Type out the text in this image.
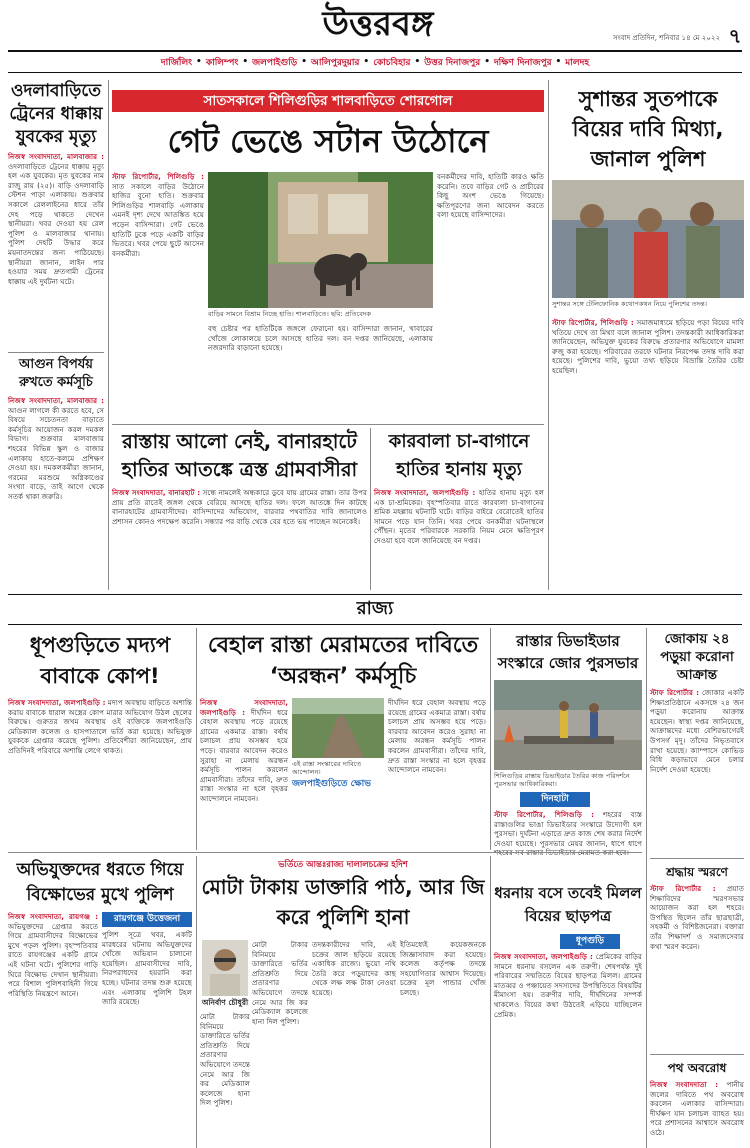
উত্তরবঙ্গ	সংবাদ প্রতিদিন, শনিবার ১৪ মে ২০২২ ৭
দার্জিলিং • কালিম্পং • জলপাইগুড়ি • আলিপুরদুয়ার • কোচবিহার • উত্তর দিনাজপুর • দক্ষিণ দিনাজপুর • মালদহ
ওদলাবাড়িতে ট্রেনের ধাক্কায় যুবকের মৃত্যু
নিজস্ব সংবাদদাতা, মালবাজার : ওদলাবাড়িতে ট্রেনের ধাক্কায় মৃত্যু হল এক যুবকের। মৃত যুবকের নাম রাজু রায় (২৫)। বাড়ি ওদলাবাড়ি স্টেশন পাড়া এলাকায়। শুক্রবার সকালে রেললাইনের ধারে তাঁর দেহ পড়ে থাকতে দেখেন স্থানীয়রা। খবর দেওয়া হয় রেল পুলিশ ও মালবাজার থানায়। পুলিশ দেহটি উদ্ধার করে ময়নাতদন্তের জন্য পাঠিয়েছে। স্থানীয়রা জানান, লাইন পার হওয়ার সময় দ্রুতগামী ট্রেনের ধাক্কায় এই দুর্ঘটনা ঘটে।
আগুন বিপর্যয় রুখতে কর্মসূচি
নিজস্ব সংবাদদাতা, মালবাজার : আগুন লাগলে কী করতে হবে, সে বিষয়ে সচেতনতা বাড়াতে কর্মসূচির আয়োজন করল দমকল বিভাগ। শুক্রবার মালবাজার শহরের বিভিন্ন স্কুল ও বাজার এলাকায় হাতে-কলমে প্রশিক্ষণ দেওয়া হয়। দমকলকর্মীরা জানান, গরমের মরশুমে অগ্নিকাণ্ডের সংখ্যা বাড়ে, তাই আগে থেকে সতর্ক থাকা জরুরি।
সাতসকালে শিলিগুড়ির শালবাড়িতে শোরগোল
গেট ভেঙে সটান উঠোনে
স্টাফ রিপোর্টার, শিলিগুড়ি : সাত সকালে বাড়ির উঠোনে হাজির বুনো হাতি। শুক্রবার শিলিগুড়ির শালবাড়ি এলাকায় এমনই দৃশ্য দেখে আতঙ্কিত হয়ে পড়েন বাসিন্দারা। গেট ভেঙে হাতিটি ঢুকে পড়ে একটি বাড়ির ভিতরে। খবর পেয়ে ছুটে আসেন বনকর্মীরা।
বাড়ির সামনে বিশ্রাম নিচ্ছে হাতি। শালবাড়িতে। ছবি: প্রতিবেদক
বহু চেষ্টার পর হাতিটিকে জঙ্গলে ফেরানো হয়। বাসিন্দারা জানান, খাবারের খোঁজে লোকালয়ে চলে আসছে হাতির দল। বন দপ্তর জানিয়েছে, এলাকায় নজরদারি বাড়ানো হয়েছে।
বনকর্মীদের দাবি, হাতিটি কারও ক্ষতি করেনি। তবে বাড়ির গেট ও প্রাচীরের কিছু অংশ ভেঙে গিয়েছে। ক্ষতিপূরণের জন্য আবেদন করতে বলা হয়েছে বাসিন্দাদের।
সুশান্তর সুতপাকে বিয়ের দাবি মিথ্যা, জানাল পুলিশ
সুশান্তর সঙ্গে টেলিফোনিক কথোপকথন নিয়ে পুলিশের তদন্ত।
স্টাফ রিপোর্টার, শিলিগুড়ি : সমাজমাধ্যমে ছড়িয়ে পড়া বিয়ের দাবি খতিয়ে দেখে তা মিথ্যা বলে জানাল পুলিশ। তদন্তকারী আধিকারিকরা জানিয়েছেন, অভিযুক্ত যুবকের বিরুদ্ধে প্রতারণার অভিযোগে মামলা রুজু করা হয়েছে। পরিবারের তরফে ঘটনার নিরপেক্ষ তদন্ত দাবি করা হয়েছে। পুলিশের দাবি, ভুয়ো তথ্য ছড়িয়ে বিভ্রান্তি তৈরির চেষ্টা হয়েছিল।
রাস্তায় আলো নেই, বানারহাটে হাতির আতঙ্কে ত্রস্ত গ্রামবাসীরা
নিজস্ব সংবাদদাতা, বানারহাট : সন্ধে নামলেই অন্ধকারে ডুবে যায় গ্রামের রাস্তা। তার উপর প্রায় প্রতি রাতেই জঙ্গল থেকে বেরিয়ে আসছে হাতির দল। ফলে আতঙ্কে দিন কাটছে বানারহাটের গ্রামবাসীদের। বাসিন্দাদের অভিযোগ, বারবার পথবাতির দাবি জানালেও প্রশাসন কোনও পদক্ষেপ করেনি। সন্ধ্যার পর বাড়ি থেকে বের হতে ভয় পাচ্ছেন অনেকেই।
কারবালা চা-বাগানে হাতির হানায় মৃত্যু
নিজস্ব সংবাদদাতা, জলপাইগুড়ি : হাতির হানায় মৃত্যু হল এক চা-শ্রমিকের। বৃহস্পতিবার রাতে কারবালা চা-বাগানের শ্রমিক মহল্লায় ঘটনাটি ঘটে। বাড়ির বাইরে বেরোতেই হাতির সামনে পড়ে যান তিনি। খবর পেয়ে বনকর্মীরা ঘটনাস্থলে পৌঁছন। মৃতের পরিবারকে সরকারি নিয়ম মেনে ক্ষতিপূরণ দেওয়া হবে বলে জানিয়েছে বন দপ্তর।
রাজ্য
ধূপগুড়িতে মদ্যপ বাবাকে কোপ!
নিজস্ব সংবাদদাতা, জলপাইগুড়ি : মদ্যপ অবস্থায় বাড়িতে অশান্তি করায় বাবাকে ধারাল অস্ত্রের কোপ মারার অভিযোগ উঠল ছেলের বিরুদ্ধে। গুরুতর জখম অবস্থায় ওই ব্যক্তিকে জলপাইগুড়ি মেডিক্যাল কলেজ ও হাসপাতালে ভর্তি করা হয়েছে। অভিযুক্ত যুবককে গ্রেপ্তার করেছে পুলিশ। প্রতিবেশীরা জানিয়েছেন, প্রায় প্রতিদিনই পরিবারে অশান্তি লেগে থাকত।
বেহাল রাস্তা মেরামতের দাবিতে ‘অরন্ধন’ কর্মসূচি
নিজস্ব সংবাদদাতা, জলপাইগুড়ি : দীর্ঘদিন ধরে বেহাল অবস্থায় পড়ে রয়েছে গ্রামের একমাত্র রাস্তা। বর্ষায় চলাচল প্রায় অসম্ভব হয়ে পড়ে। বারবার আবেদন করেও সুরাহা না মেলায় অরন্ধন কর্মসূচি পালন করলেন গ্রামবাসীরা। তাঁদের দাবি, দ্রুত রাস্তা সংস্কার না হলে বৃহত্তর আন্দোলনে নামবেন।
এই রাস্তা সংস্কারের দাবিতে আন্দোলন।
জলপাইগুড়িতে ক্ষোভ
দীর্ঘদিন ধরে বেহাল অবস্থায় পড়ে রয়েছে গ্রামের একমাত্র রাস্তা। বর্ষায় চলাচল প্রায় অসম্ভব হয়ে পড়ে। বারবার আবেদন করেও সুরাহা না মেলায় অরন্ধন কর্মসূচি পালন করলেন গ্রামবাসীরা। তাঁদের দাবি, দ্রুত রাস্তা সংস্কার না হলে বৃহত্তর আন্দোলনে নামবেন।
রাস্তার ডিভাইডার সংস্কারে জোর পুরসভার
শিলিগুড়ির রাস্তায় ডিভাইডার তৈরির কাজ পরিদর্শনে পুরসভার আধিকারিকরা।
দিনহাটা
স্টাফ রিপোর্টার, শিলিগুড়ি : শহরের ব্যস্ত রাস্তাগুলির ভাঙা ডিভাইডার সংস্কারে উদ্যোগী হল পুরসভা। দুর্ঘটনা এড়াতে দ্রুত কাজ শেষ করার নির্দেশ দেওয়া হয়েছে। পুরসভার মেয়র জানান, ধাপে ধাপে
জোকায় ২৪ পড়ুয়া করোনা আক্রান্ত
স্টাফ রিপোর্টার : জোকার একটি শিক্ষাপ্রতিষ্ঠানে একসঙ্গে ২৪ জন পড়ুয়া করোনায় আক্রান্ত হয়েছেন। স্বাস্থ্য দপ্তর জানিয়েছে, আক্রান্তদের মধ্যে বেশিরভাগেরই উপসর্গ মৃদু। তাঁদের নিভৃতবাসে রাখা হয়েছে। ক্যাম্পাসে কোভিড বিধি কড়াভাবে মেনে চলার নির্দেশ দেওয়া হয়েছে।
শ্রদ্ধায় স্মরণে
স্টাফ রিপোর্টার : প্রয়াত শিক্ষাবিদের স্মরণসভার আয়োজন করা হল শহরে। উপস্থিত ছিলেন তাঁর ছাত্রছাত্রী, সহকর্মী ও বিশিষ্টজনেরা। বক্তারা তাঁর শিক্ষাদর্শ ও সমাজসেবার কথা স্মরণ করেন।
পথ অবরোধ
নিজস্ব সংবাদদাতা : পানীয় জলের দাবিতে পথ অবরোধ করলেন এলাকার বাসিন্দারা। দীর্ঘক্ষণ যান চলাচল ব্যাহত হয়। পরে প্রশাসনের আশ্বাসে অবরোধ ওঠে।
অভিযুক্তদের ধরতে গিয়ে বিক্ষোভের মুখে পুলিশ
নিজস্ব সংবাদদাতা, রায়গঞ্জ : অভিযুক্তদের গ্রেপ্তার করতে গিয়ে গ্রামবাসীদের বিক্ষোভের মুখে পড়ল পুলিশ। বৃহস্পতিবার রাতে রায়গঞ্জের একটি গ্রামে এই ঘটনা ঘটে। পুলিশের গাড়ি ঘিরে বিক্ষোভ দেখান স্থানীয়রা। পরে বিশাল পুলিশবাহিনী গিয়ে পরিস্থিতি নিয়ন্ত্রণে আনে।
রায়গঞ্জে উত্তেজনা
পুলিশ সূত্রে খবর, একটি মারধরের ঘটনায় অভিযুক্তদের খোঁজে অভিযান চালানো হয়েছিল। গ্রামবাসীদের দাবি, নিরপরাধদের হয়রানি করা হচ্ছে। ঘটনার তদন্ত শুরু হয়েছে এবং এলাকায় পুলিশি টহল জারি রয়েছে।
ভর্তিতে আন্তঃরাজ্য দালালচক্রের হদিশ
মোটা টাকায় ডাক্তারি পাঠ, আর জি করে পুলিশি হানা
অনির্বাণ চৌধুরী
মোটা টাকার বিনিময়ে ডাক্তারিতে ভর্তির প্রতিশ্রুতি দিয়ে প্রতারণার অভিযোগে তদন্তে নেমে আর জি কর মেডিক্যাল কলেজে হানা দিল পুলিশ।
তদন্তকারীদের দাবি, এই চক্রের জাল ছড়িয়ে রয়েছে একাধিক রাজ্যে। ভুয়ো নথি তৈরি করে পড়ুয়াদের কাছ থেকে লক্ষ লক্ষ টাকা নেওয়া হয়েছে।
ইতিমধ্যেই কয়েকজনকে জিজ্ঞাসাবাদ করা হয়েছে। কলেজ কর্তৃপক্ষ তদন্তে সহযোগিতার আশ্বাস দিয়েছে। চক্রের মূল পান্ডার খোঁজ চলছে।
মোটা টাকার বিনিময়ে ডাক্তারিতে ভর্তির প্রতিশ্রুতি দিয়ে প্রতারণার অভিযোগে তদন্তে নেমে আর জি কর মেডিক্যাল কলেজে হানা দিল পুলিশ।
ধরনায় বসে তবেই মিলল বিয়ের ছাড়পত্র
ধূপগুড়ি
নিজস্ব সংবাদদাতা, জলপাইগুড়ি : প্রেমিকের বাড়ির সামনে ধরনায় বসলেন এক তরুণী। শেষপর্যন্ত দুই পরিবারের সম্মতিতে বিয়ের ছাড়পত্র মিলল। গ্রামের মাতব্বর ও পঞ্চায়েত সদস্যদের উপস্থিতিতে বিষয়টির মীমাংসা হয়। তরুণীর দাবি, দীর্ঘদিনের সম্পর্ক থাকলেও বিয়ের কথা উঠতেই এড়িয়ে যাচ্ছিলেন প্রেমিক।
